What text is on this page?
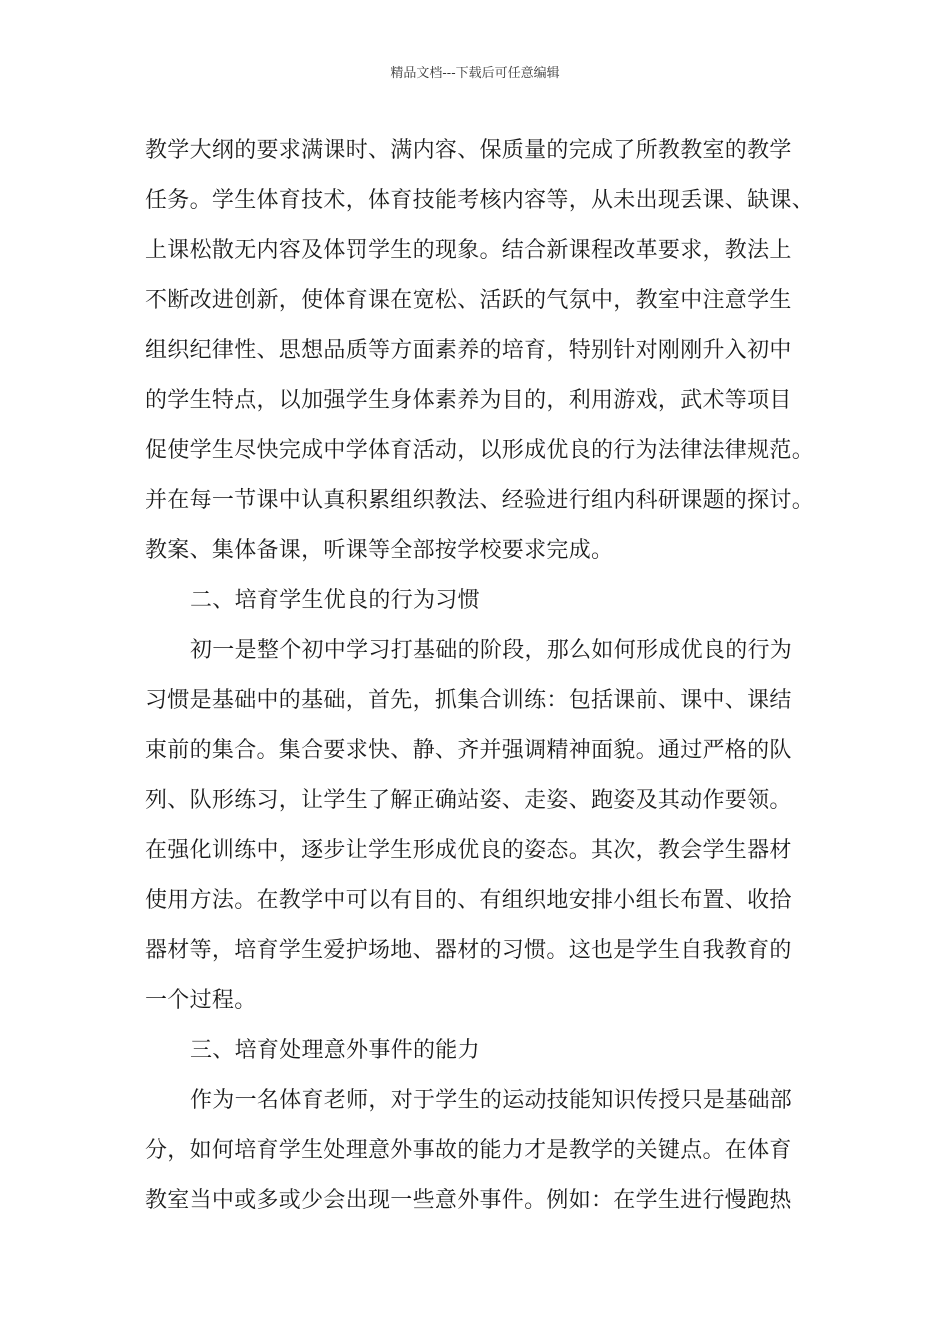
精品文档---下载后可任意编辑
教学大纲的要求满课时、满内容、保质量的完成了所教教室的教学
任务。学生体育技术，体育技能考核内容等，从未出现丢课、缺课、
上课松散无内容及体罚学生的现象。结合新课程改革要求，教法上
不断改进创新，使体育课在宽松、活跃的气氛中，教室中注意学生
组织纪律性、思想品质等方面素养的培育，特别针对刚刚升入初中
的学生特点，以加强学生身体素养为目的，利用游戏，武术等项目
促使学生尽快完成中学体育活动，以形成优良的行为法律法律规范。
并在每一节课中认真积累组织教法、经验进行组内科研课题的探讨。
教案、集体备课，听课等全部按学校要求完成。
二、培育学生优良的行为习惯
初一是整个初中学习打基础的阶段，那么如何形成优良的行为
习惯是基础中的基础，首先，抓集合训练：包括课前、课中、课结
束前的集合。集合要求快、静、齐并强调精神面貌。通过严格的队
列、队形练习，让学生了解正确站姿、走姿、跑姿及其动作要领。
在强化训练中，逐步让学生形成优良的姿态。其次，教会学生器材
使用方法。在教学中可以有目的、有组织地安排小组长布置、收拾
器材等，培育学生爱护场地、器材的习惯。这也是学生自我教育的
一个过程。
三、培育处理意外事件的能力
作为一名体育老师，对于学生的运动技能知识传授只是基础部
分，如何培育学生处理意外事故的能力才是教学的关键点。在体育
教室当中或多或少会出现一些意外事件。例如：在学生进行慢跑热
